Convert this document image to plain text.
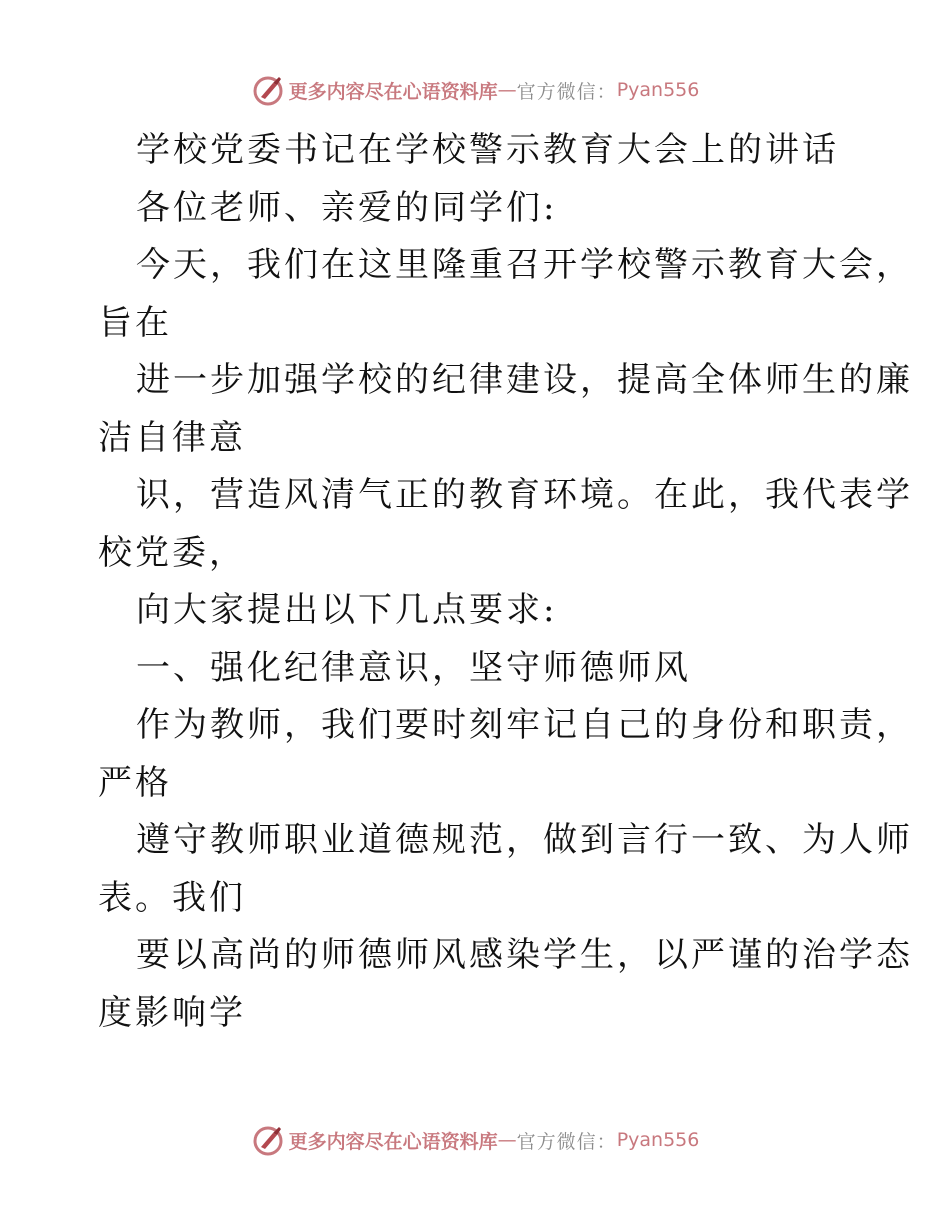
更多内容尽在心语资料库 — 官方微信： Pyan556

学校党委书记在学校警示教育大会上的讲话

各位老师、亲爱的同学们:

今天，我们在这里隆重召开学校警示教育大会，

旨在

进一步加强学校的纪律建设，提高全体师生的廉

洁自律意

识，营造风清气正的教育环境。在此，我代表学

校党委，

向大家提出以下几点要求:

一、强化纪律意识，坚守师德师风

作为教师，我们要时刻牢记自己的身份和职责，

严格

遵守教师职业道德规范，做到言行一致、为人师

表。我们

要以高尚的师德师风感染学生，以严谨的治学态

度影响学

更多内容尽在心语资料库 — 官方微信： Pyan556
